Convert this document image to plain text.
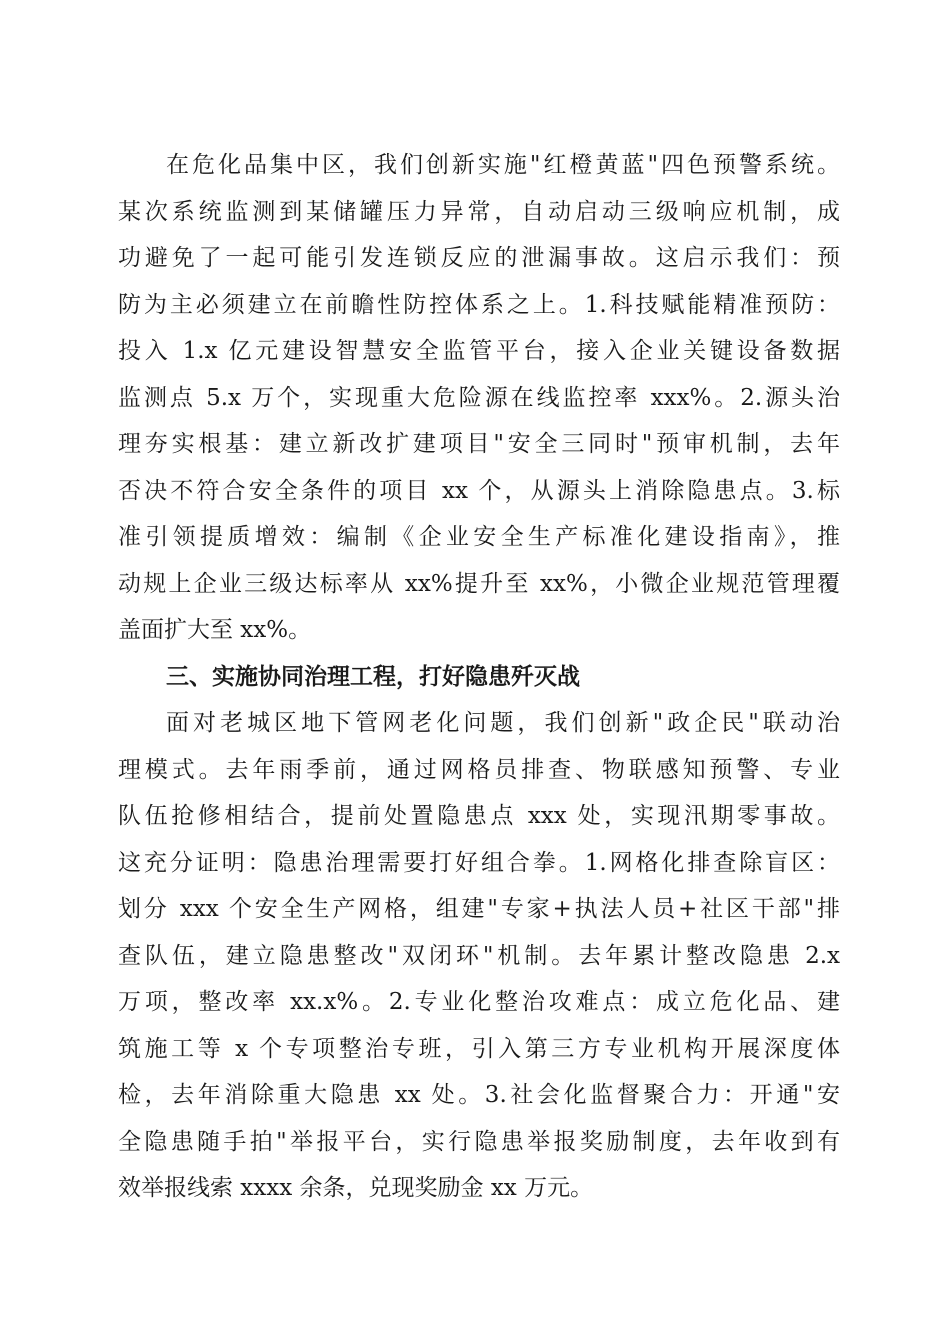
在危化品集中区，我们创新实施"红橙黄蓝"四色预警系统。
某次系统监测到某储罐压力异常，自动启动三级响应机制，成
功避免了一起可能引发连锁反应的泄漏事故。这启示我们：预
防为主必须建立在前瞻性防控体系之上。1.科技赋能精准预防：
投入 1.x 亿元建设智慧安全监管平台，接入企业关键设备数据
监测点 5.x 万个，实现重大危险源在线监控率 xxx%。2.源头治
理夯实根基：建立新改扩建项目"安全三同时"预审机制，去年
否决不符合安全条件的项目 xx 个，从源头上消除隐患点。3.标
准引领提质增效：编制《企业安全生产标准化建设指南》，推
动规上企业三级达标率从 xx%提升至 xx%，小微企业规范管理覆
盖面扩大至 xx%。
三、实施协同治理工程，打好隐患歼灭战
面对老城区地下管网老化问题，我们创新"政企民"联动治
理模式。去年雨季前，通过网格员排查、物联感知预警、专业
队伍抢修相结合，提前处置隐患点 xxx 处，实现汛期零事故。
这充分证明：隐患治理需要打好组合拳。1.网格化排查除盲区：
划分 xxx 个安全生产网格，组建"专家+执法人员+社区干部"排
查队伍，建立隐患整改"双闭环"机制。去年累计整改隐患 2.x
万项，整改率 xx.x%。2.专业化整治攻难点：成立危化品、建
筑施工等 x 个专项整治专班，引入第三方专业机构开展深度体
检，去年消除重大隐患 xx 处。3.社会化监督聚合力：开通"安
全隐患随手拍"举报平台，实行隐患举报奖励制度，去年收到有
效举报线索 xxxx 余条，兑现奖励金 xx 万元。
